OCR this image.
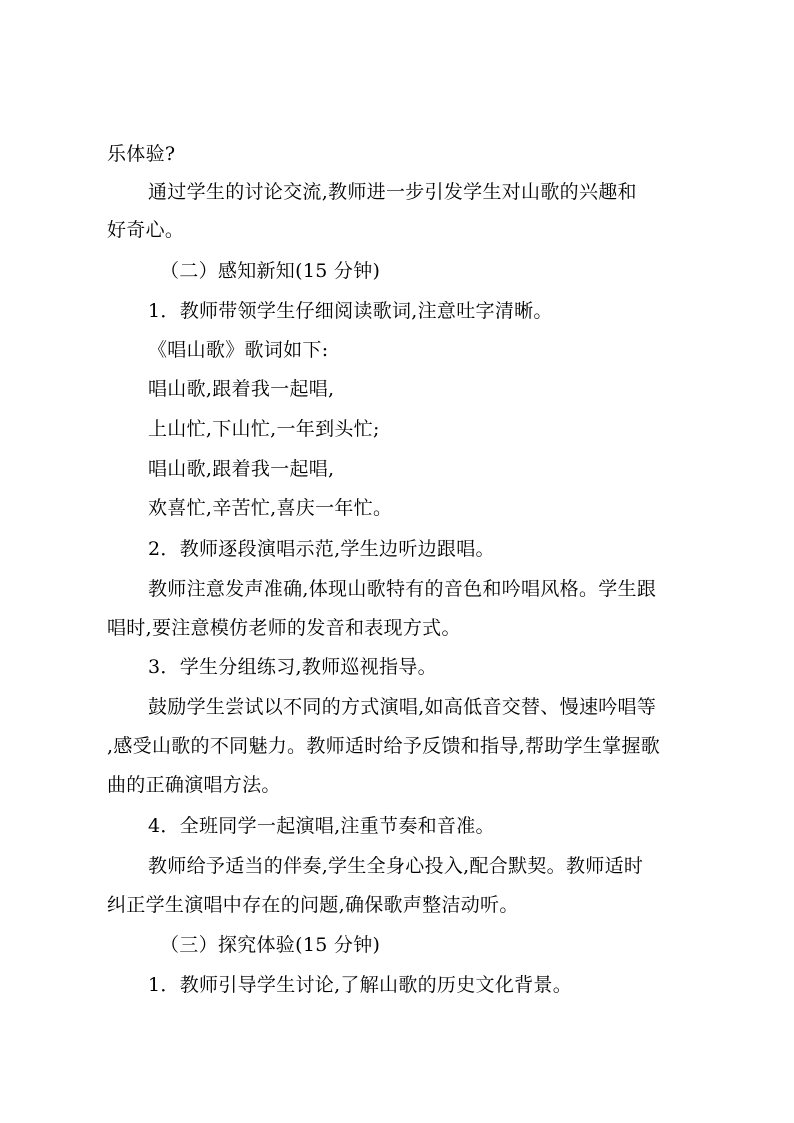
乐体验?
通过学生的讨论交流,教师进一步引发学生对山歌的兴趣和
好奇心。
（二）感知新知(15 分钟)
1．教师带领学生仔细阅读歌词,注意吐字清晰。
《唱山歌》歌词如下:
唱山歌,跟着我一起唱,
上山忙,下山忙,一年到头忙;
唱山歌,跟着我一起唱,
欢喜忙,辛苦忙,喜庆一年忙。
2．教师逐段演唱示范,学生边听边跟唱。
教师注意发声准确,体现山歌特有的音色和吟唱风格。学生跟
唱时,要注意模仿老师的发音和表现方式。
3．学生分组练习,教师巡视指导。
鼓励学生尝试以不同的方式演唱,如高低音交替、慢速吟唱等
,感受山歌的不同魅力。教师适时给予反馈和指导,帮助学生掌握歌
曲的正确演唱方法。
4．全班同学一起演唱,注重节奏和音准。
教师给予适当的伴奏,学生全身心投入,配合默契。教师适时
纠正学生演唱中存在的问题,确保歌声整洁动听。
（三）探究体验(15 分钟)
1．教师引导学生讨论,了解山歌的历史文化背景。
